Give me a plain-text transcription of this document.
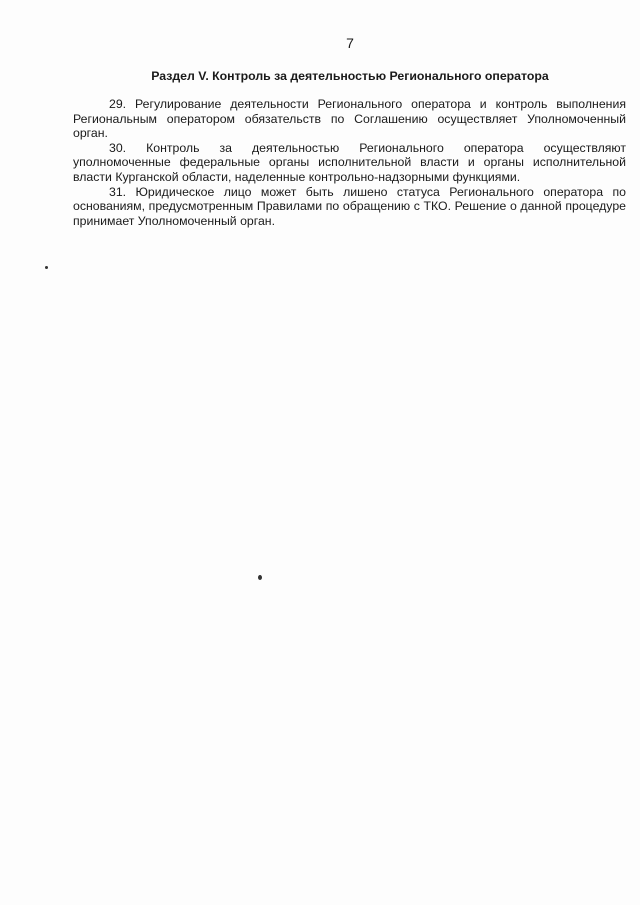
7
Раздел V. Контроль за деятельностью Регионального оператора

29. Регулирование деятельности Регионального оператора и контроль выполнения Региональным оператором обязательств по Соглашению осуществляет Уполномоченный орган.

30. Контроль за деятельностью Регионального оператора осуществляют уполномоченные федеральные органы исполнительной власти и органы исполнительной власти Курганской области, наделенные контрольно-надзорными функциями.

31. Юридическое лицо может быть лишено статуса Регионального оператора по основаниям, предусмотренным Правилами по обращению с ТКО. Решение о данной процедуре принимает Уполномоченный орган.
